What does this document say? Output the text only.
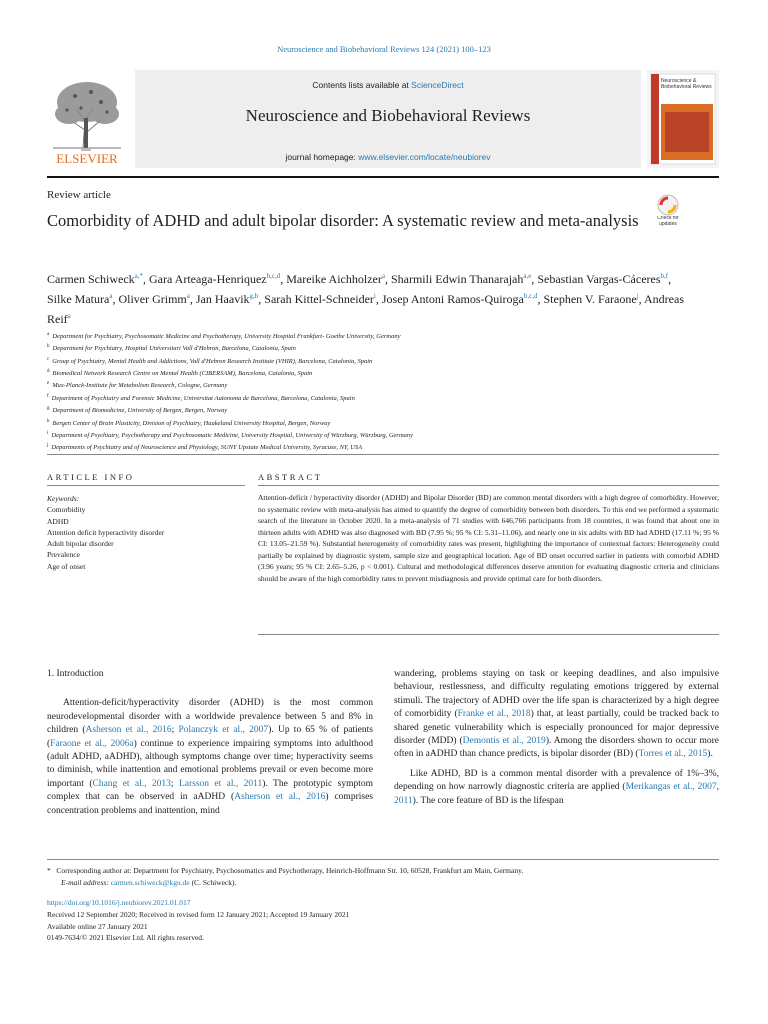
Neuroscience and Biobehavioral Reviews 124 (2021) 100–123
ELSEVIER
Contents lists available at ScienceDirect
Neuroscience and Biobehavioral Reviews
journal homepage: www.elsevier.com/locate/neubiorev
Neuroscience & Biobehavioral Reviews
Review article
Comorbidity of ADHD and adult bipolar disorder: A systematic review and meta-analysis	Check for updates
Carmen Schiweck$^{a,*}$, Gara Arteaga-Henriquez$^{b,c,d}$, Mareike Aichholzer$^a$, Sharmili Edwin Thanarajah$^{a,e}$, Sebastian Vargas-Cáceres$^{b,f}$, Silke Matura$^a$, Oliver Grimm$^a$, Jan Haavik$^{g,h}$, Sarah Kittel-Schneider$^i$, Josep Antoni Ramos-Quiroga$^{b,c,d}$, Stephen V. Faraone$^j$, Andreas Reif$^a$
$^a$ Department for Psychiatry, Psychosomatic Medicine and Psychotherapy, University Hospital Frankfurt- Goethe University, Germany
$^b$ Department for Psychiatry, Hospital Universitari Vall d'Hebron, Barcelona, Catalonia, Spain
$^c$ Group of Psychiatry, Mental Health and Addictions, Vall d'Hebron Research Institute (VHIR), Barcelona, Catalonia, Spain
$^d$ Biomedical Network Research Centre on Mental Health (CIBERSAM), Barcelona, Catalonia, Spain
$^e$ Max-Planck-Institute for Metabolism Research, Cologne, Germany
$^f$ Department of Psychiatry and Forensic Medicine, Universitat Autonoma de Barcelona, Barcelona, Catalonia, Spain
$^g$ Department of Biomedicine, University of Bergen, Bergen, Norway
$^h$ Bergen Center of Brain Plasticity, Division of Psychiatry, Haukeland University Hospital, Bergen, Norway
$^i$ Department of Psychiatry, Psychotherapy and Psychosomatic Medicine, University Hospital, University of Würzburg, Würzburg, Germany
$^j$ Departments of Psychiatry and of Neuroscience and Physiology, SUNY Upstate Medical University, Syracuse, NY, USA
ARTICLE INFO	ABSTRACT
Keywords:
Comorbidity
ADHD
Attention deficit hyperactivity disorder
Adult bipolar disorder
Prevalence
Age of onset
Attention-deficit / hyperactivity disorder (ADHD) and Bipolar Disorder (BD) are common mental disorders with a high degree of comorbidity. However, no systematic review with meta-analysis has aimed to quantify the degree of comorbidity between both disorders. To this end we performed a systematic search of the literature in October 2020. In a meta-analysis of 71 studies with 646,766 participants from 18 countries, it was found that about one in thirteen adults with ADHD was also diagnosed with BD (7.95 %; 95 % CI: 5.31–11.06), and nearly one in six adults with BD had ADHD (17.11 %; 95 % CI: 13.05–21.59 %). Substantial heterogeneity of comorbidity rates was present, highlighting the importance of contextual factors: Heterogeneity could partially be explained by diagnostic system, sample size and geographical location. Age of BD onset occurred earlier in patients with comorbid ADHD (3.96 years; 95 % CI: 2.65–5.26, p < 0.001). Cultural and methodological differences deserve attention for evaluating diagnostic criteria and clinicians should be aware of the high comorbidity rates to prevent misdiagnosis and provide optimal care for both disorders.
1. Introduction
Attention-deficit/hyperactivity disorder (ADHD) is the most common neurodevelopmental disorder with a worldwide prevalence between 5 and 8% in children (Asherson et al., 2016; Polanczyk et al., 2007). Up to 65 % of patients (Faraone et al., 2006a) continue to experience impairing symptoms into adulthood (adult ADHD, aADHD), although symptoms change over time; hyperactivity seems to diminish, while inattention and emotional problems prevail or even become more important (Chang et al., 2013; Larsson et al., 2011). The prototypic symptom complex that can be observed in aADHD (Asherson et al., 2016) comprises concentration problems and inattention, mind
wandering, problems staying on task or keeping deadlines, and also impulsive behaviour, restlessness, and difficulty regulating emotions triggered by external stimuli. The trajectory of ADHD over the life span is characterized by a high degree of comorbidity (Franke et al., 2018) that, at least partially, could be tracked back to shared genetic vulnerability which is especially pronounced for major depressive disorder (MDD) (Demontis et al., 2019). Among the disorders shown to occur more often in aADHD than chance predicts, is bipolar disorder (BD) (Torres et al., 2015).
Like ADHD, BD is a common mental disorder with a prevalence of 1%–3%, depending on how narrowly diagnostic criteria are applied (Merikangas et al., 2007, 2011). The core feature of BD is the lifespan
* Corresponding author at: Department for Psychiatry, Psychosomatics and Psychotherapy, Heinrich-Hoffmann Str. 10, 60528, Frankfurt am Main, Germany.
E-mail address: carmen.schiweck@kgu.de (C. Schiweck).
https://doi.org/10.1016/j.neubiorev.2021.01.017
Received 12 September 2020; Received in revised form 12 January 2021; Accepted 19 January 2021
Available online 27 January 2021
0149-7634/© 2021 Elsevier Ltd. All rights reserved.
